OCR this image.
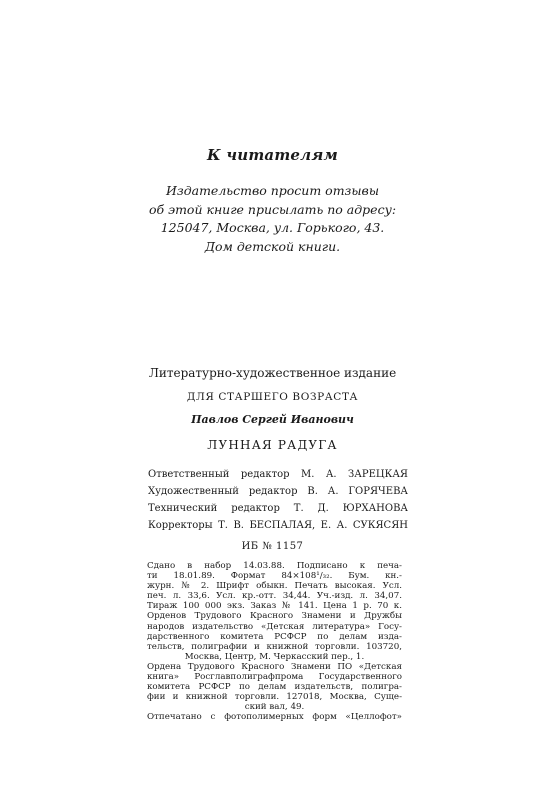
К читателям
Издательство просит отзывы
об этой книге присылать по адресу:
125047, Москва, ул. Горького, 43.
Дом детской книги.
Литературно-художественное издание
ДЛЯ СТАРШЕГО ВОЗРАСТА
Павлов Сергей Иванович
ЛУННАЯ РАДУГА
Ответственный редактор М. А. ЗАРЕЦКАЯ
Художественный редактор В. А. ГОРЯЧЕВА
Технический редактор Т. Д. ЮРХАНОВА
Корректоры Т. В. БЕСПАЛАЯ, Е. А. СУКЯСЯН
ИБ № 1157
Сдано в набор 14.03.88. Подписано к печа-
ти 18.01.89. Формат 84×108¹/₃₂. Бум. кн.-
журн. № 2. Шрифт обыкн. Печать высокая. Усл.
печ. л. 33,6. Усл. кр.-отт. 34,44. Уч.-изд. л. 34,07.
Тираж 100 000 экз. Заказ № 141. Цена 1 р. 70 к.
Орденов Трудового Красного Знамени и Дружбы
народов издательство «Детская литература» Госу-
дарственного комитета РСФСР по делам изда-
тельств, полиграфии и книжной торговли. 103720,
Москва, Центр, М. Черкасский пер., 1.
Ордена Трудового Красного Знамени ПО «Детская
книга» Росглавполиграфпрома Государственного
комитета РСФСР по делам издательств, полигра-
фии и книжной торговли. 127018, Москва, Суще-
ский вал, 49.
Отпечатано с фотополимерных форм «Целлофот»
